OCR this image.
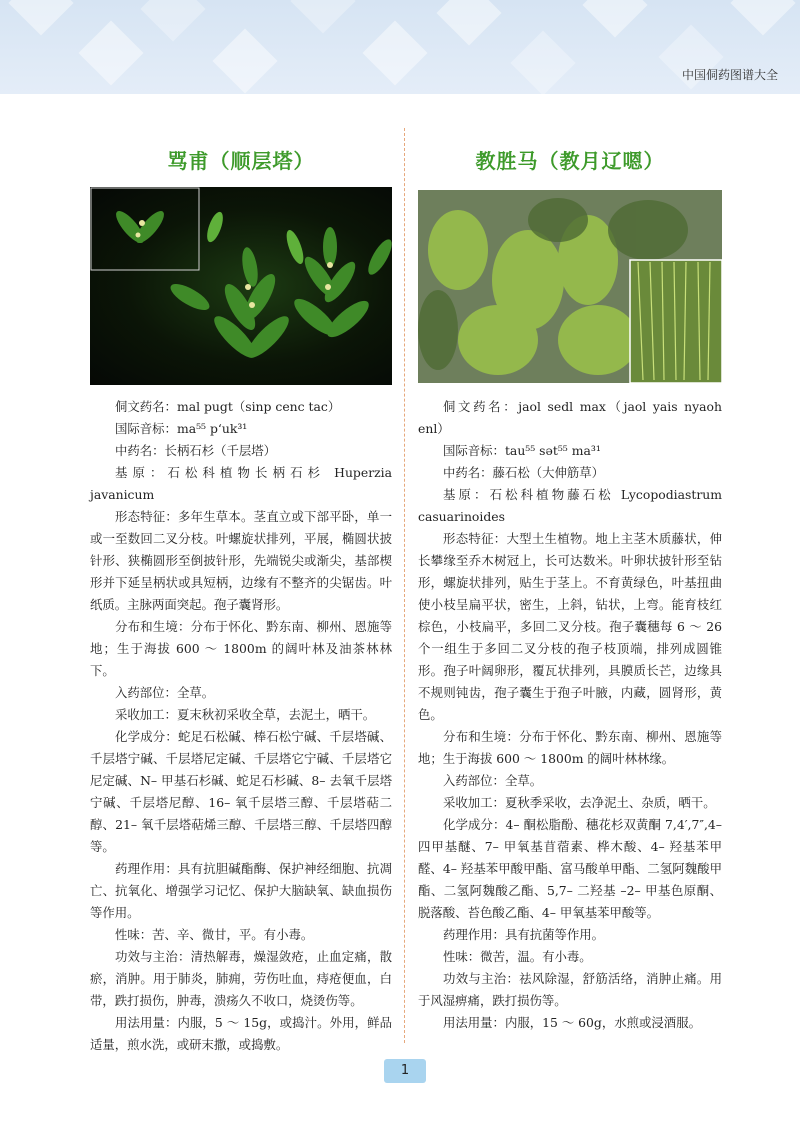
中国侗药图谱大全
骂甫（顺层塔）

侗文药名：mal pugt（sinp cenc tac）

国际音标：ma⁵⁵ pʻuk³¹

中药名：长柄石杉（千层塔）

基原：石松科植物长柄石杉 Huperzia javanicum

形态特征：多年生草本。茎直立或下部平卧，单一或一至数回二叉分枝。叶螺旋状排列，平展，椭圆状披针形、狭椭圆形至倒披针形，先端锐尖或渐尖，基部楔形并下延呈柄状或具短柄，边缘有不整齐的尖锯齿。叶纸质。主脉两面突起。孢子囊肾形。

分布和生境：分布于怀化、黔东南、柳州、恩施等地；生于海拔 600 ～ 1800m 的阔叶林及油茶林林下。

入药部位：全草。

采收加工：夏末秋初采收全草，去泥土，晒干。

化学成分：蛇足石松碱、棒石松宁碱、千层塔碱、千层塔宁碱、千层塔尼定碱、千层塔它宁碱、千层塔它尼定碱、N– 甲基石杉碱、蛇足石杉碱、8– 去氧千层塔宁碱、千层塔尼醇、16– 氧千层塔三醇、千层塔萜二醇、21– 氧千层塔萜烯三醇、千层塔三醇、千层塔四醇等。

药理作用：具有抗胆碱酯酶、保护神经细胞、抗凋亡、抗氧化、增强学习记忆、保护大脑缺氧、缺血损伤等作用。

性味：苦、辛、微甘，平。有小毒。

功效与主治：清热解毒，燥湿敛疮，止血定痛，散瘀，消肿。用于肺炎，肺痈，劳伤吐血，痔疮便血，白带，跌打损伤，肿毒，溃疡久不收口，烧烫伤等。

用法用量：内服，5 ～ 15g，或捣汁。外用，鲜品适量，煎水洗，或研末撒，或捣敷。

教胜马（教月辽嗯）

侗文药名：jaol sedl max（jaol yais nyaoh enl）

国际音标：tau⁵⁵ sət⁵⁵ ma³¹

中药名：藤石松（大伸筋草）

基原：石松科植物藤石松 Lycopodiastrum casuarinoides

形态特征：大型土生植物。地上主茎木质藤状，伸长攀缘至乔木树冠上，长可达数米。叶卵状披针形至钻形，螺旋状排列，贴生于茎上。不育黄绿色，叶基扭曲使小枝呈扁平状，密生，上斜，钻状，上弯。能育枝红棕色，小枝扁平，多回二叉分枝。孢子囊穗每 6 ～ 26 个一组生于多回二叉分枝的孢子枝顶端，排列成圆锥形。孢子叶阔卵形，覆瓦状排列，具膜质长芒，边缘具不规则钝齿，孢子囊生于孢子叶腋，内藏，圆肾形，黄色。

分布和生境：分布于怀化、黔东南、柳州、恩施等地；生于海拔 600 ～ 1800m 的阔叶林林缘。

入药部位：全草。

采收加工：夏秋季采收，去净泥土、杂质，晒干。

化学成分：4– 酮松脂酚、穗花杉双黄酮 7,4′,7″,4– 四甲基醚、7– 甲氧基苜蓿素、桦木酸、4– 羟基苯甲醛、4– 羟基苯甲酸甲酯、富马酸单甲酯、二氢阿魏酸甲酯、二氢阿魏酸乙酯、5,7– 二羟基 –2– 甲基色原酮、脱落酸、苔色酸乙酯、4– 甲氧基苯甲酸等。

药理作用：具有抗菌等作用。

性味：微苦，温。有小毒。

功效与主治：祛风除湿，舒筋活络，消肿止痛。用于风湿痹痛，跌打损伤等。

用法用量：内服，15 ～ 60g，水煎或浸酒服。

1
